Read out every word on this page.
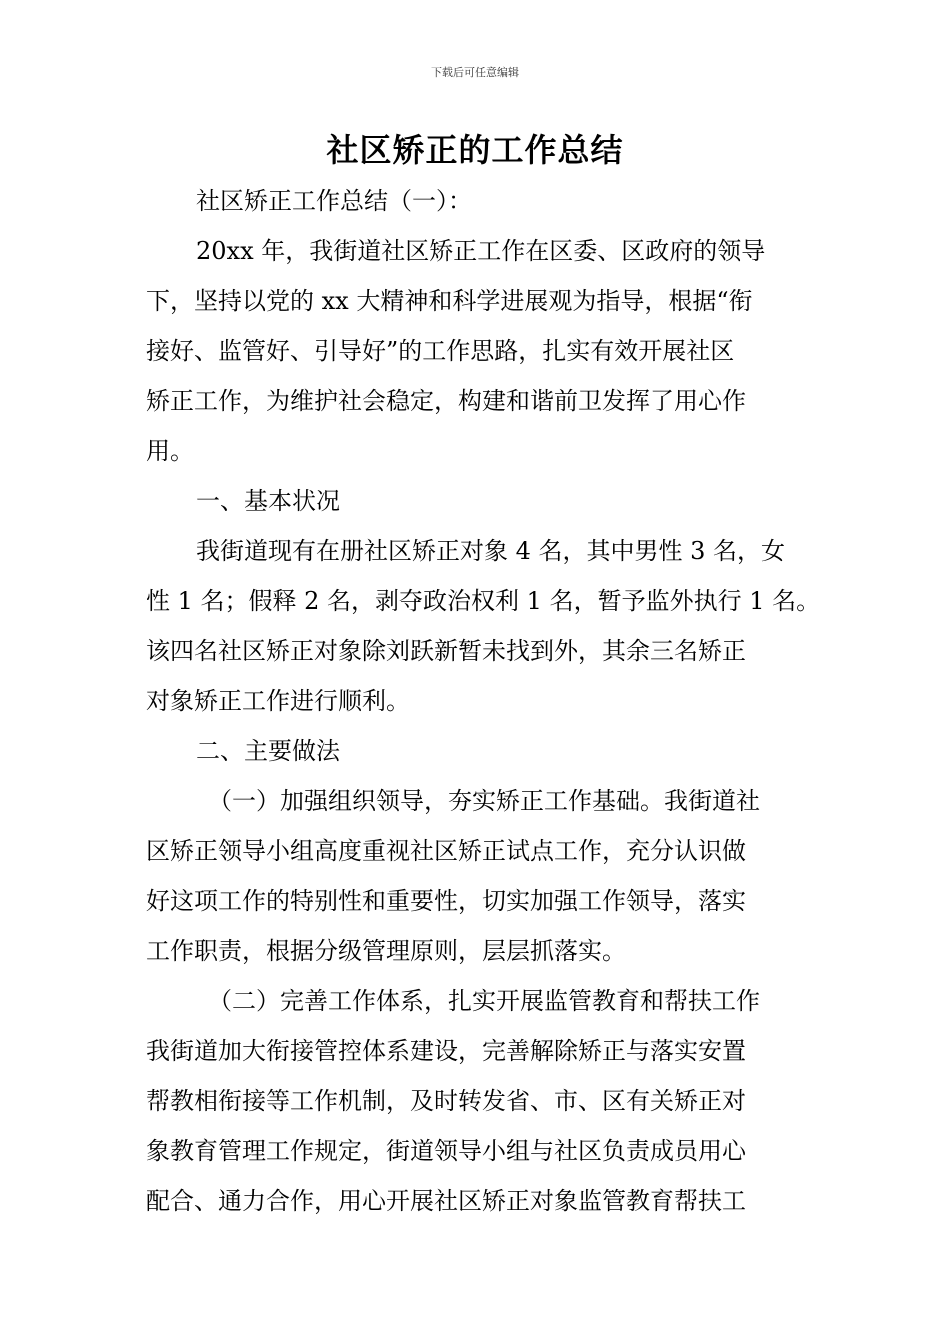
下载后可任意编辑
社区矫正的工作总结
社区矫正工作总结（一）：
20xx 年，我街道社区矫正工作在区委、区政府的领导
下，坚持以党的 xx 大精神和科学进展观为指导，根据“衔
接好、监管好、引导好”的工作思路，扎实有效开展社区
矫正工作，为维护社会稳定，构建和谐前卫发挥了用心作
用。
一、基本状况
我街道现有在册社区矫正对象 4 名，其中男性 3 名，女
性 1 名；假释 2 名，剥夺政治权利 1 名，暂予监外执行 1 名。
该四名社区矫正对象除刘跃新暂未找到外，其余三名矫正
对象矫正工作进行顺利。
二、主要做法
（一）加强组织领导，夯实矫正工作基础。我街道社
区矫正领导小组高度重视社区矫正试点工作，充分认识做
好这项工作的特别性和重要性，切实加强工作领导，落实
工作职责，根据分级管理原则，层层抓落实。
（二）完善工作体系，扎实开展监管教育和帮扶工作
我街道加大衔接管控体系建设，完善解除矫正与落实安置
帮教相衔接等工作机制，及时转发省、市、区有关矫正对
象教育管理工作规定，街道领导小组与社区负责成员用心
配合、通力合作，用心开展社区矫正对象监管教育帮扶工
